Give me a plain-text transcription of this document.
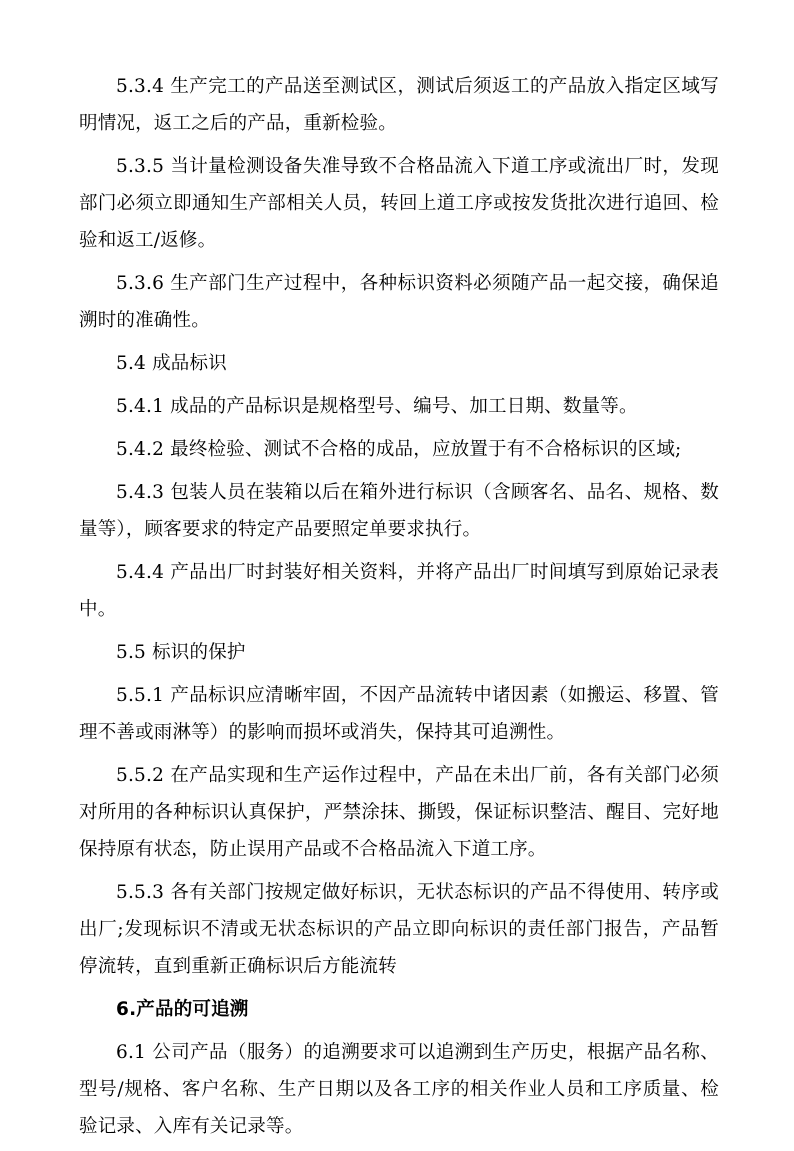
5.3.4 生产完工的产品送至测试区，测试后须返工的产品放入指定区域写明情况，返工之后的产品，重新检验。

5.3.5 当计量检测设备失准导致不合格品流入下道工序或流出厂时，发现部门必须立即通知生产部相关人员，转回上道工序或按发货批次进行追回、检验和返工/返修。

5.3.6 生产部门生产过程中，各种标识资料必须随产品一起交接，确保追溯时的准确性。

5.4 成品标识

5.4.1 成品的产品标识是规格型号、编号、加工日期、数量等。

5.4.2 最终检验、测试不合格的成品，应放置于有不合格标识的区域;

5.4.3 包装人员在装箱以后在箱外进行标识（含顾客名、品名、规格、数量等），顾客要求的特定产品要照定单要求执行。

5.4.4 产品出厂时封装好相关资料，并将产品出厂时间填写到原始记录表中。

5.5 标识的保护

5.5.1 产品标识应清晰牢固，不因产品流转中诸因素（如搬运、移置、管理不善或雨淋等）的影响而损坏或消失，保持其可追溯性。

5.5.2 在产品实现和生产运作过程中，产品在未出厂前，各有关部门必须对所用的各种标识认真保护，严禁涂抹、撕毁，保证标识整洁、醒目、完好地保持原有状态，防止误用产品或不合格品流入下道工序。

5.5.3 各有关部门按规定做好标识，无状态标识的产品不得使用、转序或出厂;发现标识不清或无状态标识的产品立即向标识的责任部门报告，产品暂停流转，直到重新正确标识后方能流转

6.产品的可追溯

6.1 公司产品（服务）的追溯要求可以追溯到生产历史，根据产品名称、型号/规格、客户名称、生产日期以及各工序的相关作业人员和工序质量、检验记录、入库有关记录等。
